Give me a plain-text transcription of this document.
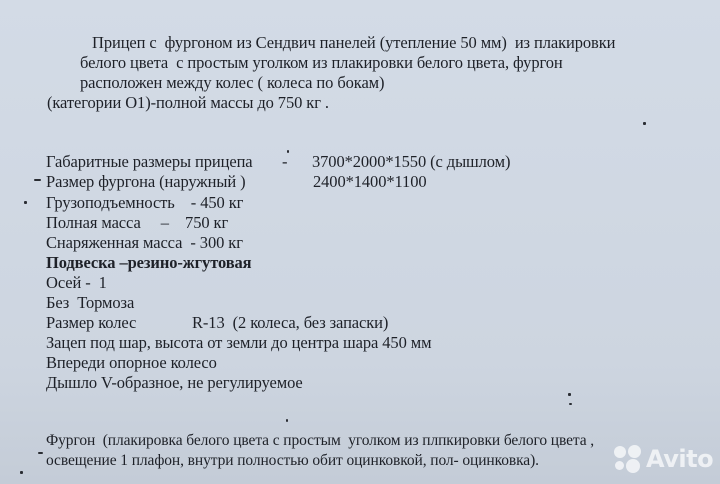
Прицеп с  фургоном из Сендвич панелей (утепление 50 мм)  из плакировки
белого цвета  с простым уголком из плакировки белого цвета, фургон
расположен между колес ( колеса по бокам)
(категории О1)-полной массы до 750 кг .
Габаритные размеры прицепа - 3700*2000*1550 (с дышлом)
Размер фургона (наружный )	2400*1400*1100
Грузоподъемность    - 450 кг
Полная масса     –    750 кг
Снаряженная масса  - 300 кг
Подвеска –резино-жгутовая
Осей -  1
Без  Тормоза
Размер колес	R-13  (2 колеса, без запаски)
Зацеп под шар, высота от земли до центра шара 450 мм
Впереди опорное колесо
Дышло V-образное, не регулируемое
Фургон  (плакировка белого цвета с простым  уголком из плпкировки белого цвета ,
освещение 1 плафон, внутри полностью обит оцинковкой, пол- оцинковка).	Avito
